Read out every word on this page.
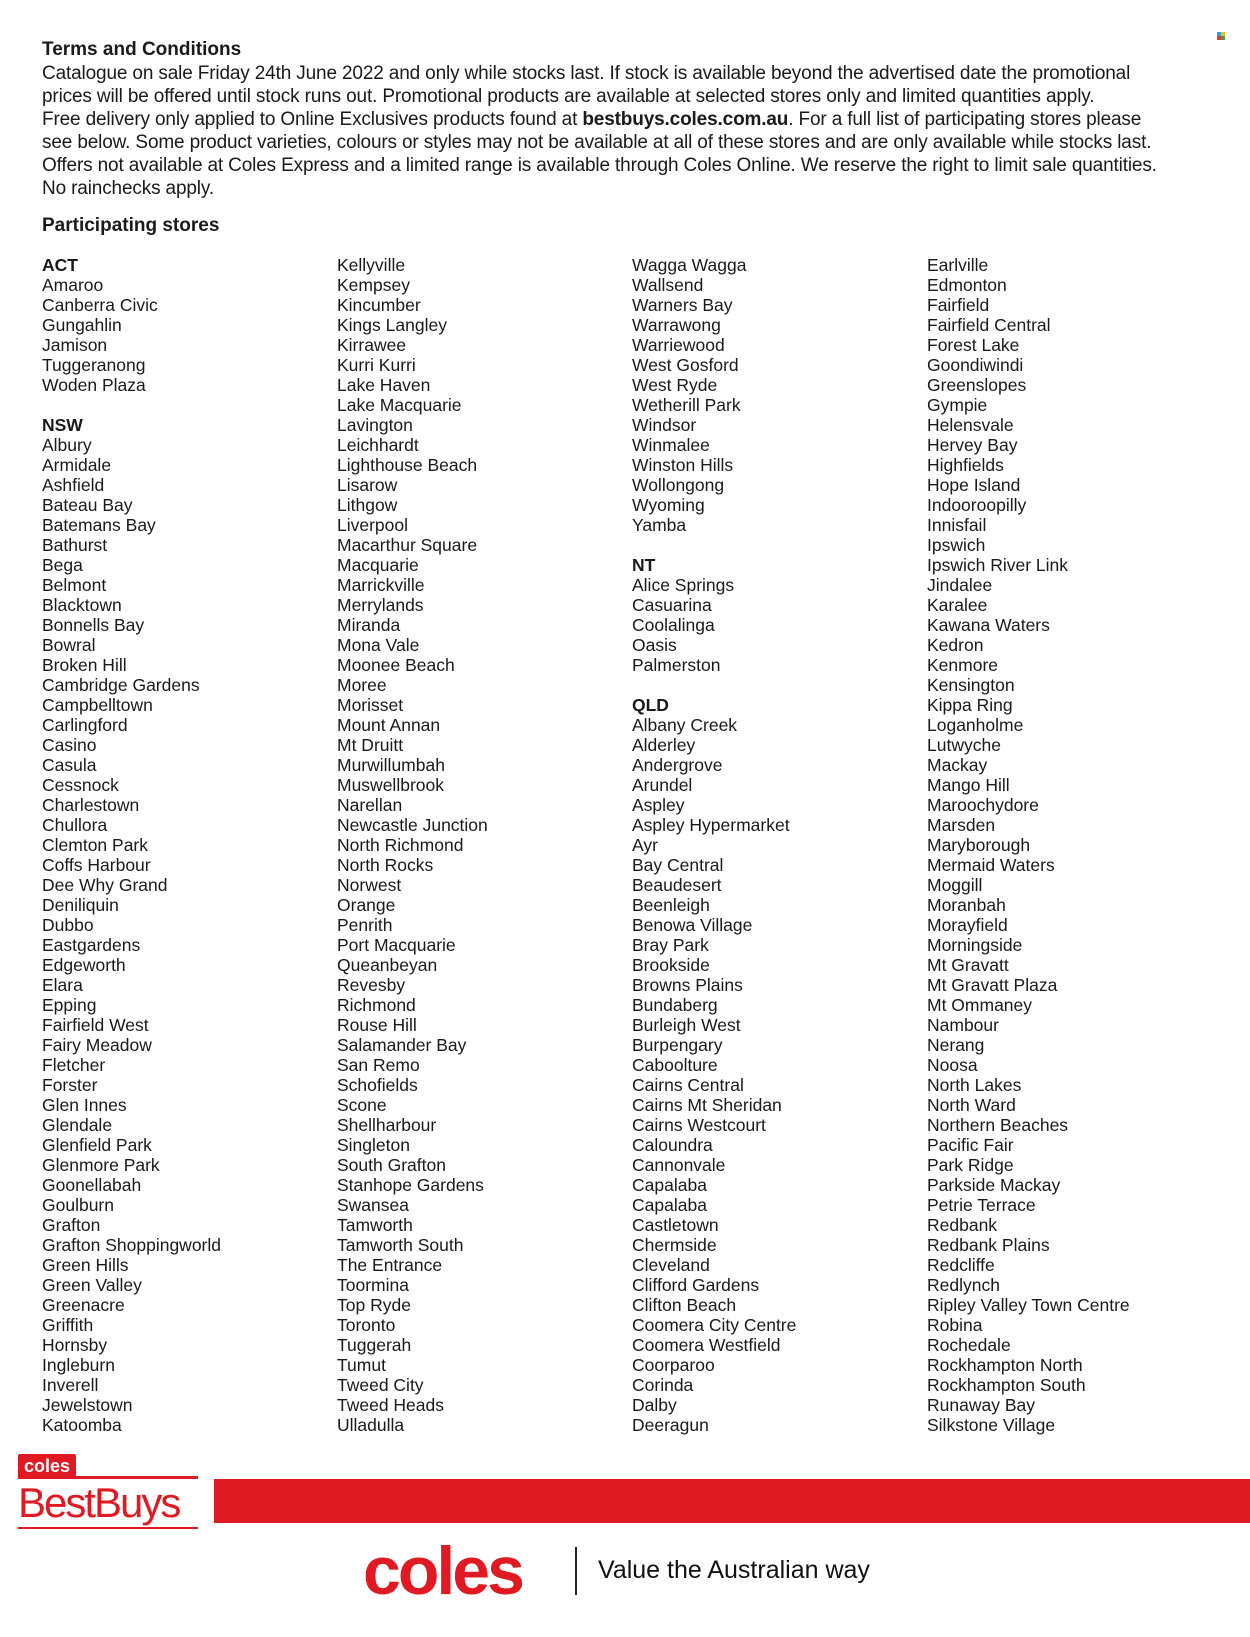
Terms and Conditions

Catalogue on sale Friday 24th June 2022 and only while stocks last. If stock is available beyond the advertised date the promotional

prices will be offered until stock runs out. Promotional products are available at selected stores only and limited quantities apply.

Free delivery only applied to Online Exclusives products found at bestbuys.coles.com.au. For a full list of participating stores please

see below. Some product varieties, colours or styles may not be available at all of these stores and are only available while stocks last.

Offers not available at Coles Express and a limited range is available through Coles Online. We reserve the right to limit sale quantities.

No rainchecks apply.

Participating stores
ACT
Amaroo
Canberra Civic
Gungahlin
Jamison
Tuggeranong
Woden Plaza
NSW
Albury
Armidale
Ashfield
Bateau Bay
Batemans Bay
Bathurst
Bega
Belmont
Blacktown
Bonnells Bay
Bowral
Broken Hill
Cambridge Gardens
Campbelltown
Carlingford
Casino
Casula
Cessnock
Charlestown
Chullora
Clemton Park
Coffs Harbour
Dee Why Grand
Deniliquin
Dubbo
Eastgardens
Edgeworth
Elara
Epping
Fairfield West
Fairy Meadow
Fletcher
Forster
Glen Innes
Glendale
Glenfield Park
Glenmore Park
Goonellabah
Goulburn
Grafton
Grafton Shoppingworld
Green Hills
Green Valley
Greenacre
Griffith
Hornsby
Ingleburn
Inverell
Jewelstown
Katoomba
Kellyville
Kempsey
Kincumber
Kings Langley
Kirrawee
Kurri Kurri
Lake Haven
Lake Macquarie
Lavington
Leichhardt
Lighthouse Beach
Lisarow
Lithgow
Liverpool
Macarthur Square
Macquarie
Marrickville
Merrylands
Miranda
Mona Vale
Moonee Beach
Moree
Morisset
Mount Annan
Mt Druitt
Murwillumbah
Muswellbrook
Narellan
Newcastle Junction
North Richmond
North Rocks
Norwest
Orange
Penrith
Port Macquarie
Queanbeyan
Revesby
Richmond
Rouse Hill
Salamander Bay
San Remo
Schofields
Scone
Shellharbour
Singleton
South Grafton
Stanhope Gardens
Swansea
Tamworth
Tamworth South
The Entrance
Toormina
Top Ryde
Toronto
Tuggerah
Tumut
Tweed City
Tweed Heads
Ulladulla
Wagga Wagga
Wallsend
Warners Bay
Warrawong
Warriewood
West Gosford
West Ryde
Wetherill Park
Windsor
Winmalee
Winston Hills
Wollongong
Wyoming
Yamba
NT
Alice Springs
Casuarina
Coolalinga
Oasis
Palmerston
QLD
Albany Creek
Alderley
Andergrove
Arundel
Aspley
Aspley Hypermarket
Ayr
Bay Central
Beaudesert
Beenleigh
Benowa Village
Bray Park
Brookside
Browns Plains
Bundaberg
Burleigh West
Burpengary
Caboolture
Cairns Central
Cairns Mt Sheridan
Cairns Westcourt
Caloundra
Cannonvale
Capalaba
Capalaba
Castletown
Chermside
Cleveland
Clifford Gardens
Clifton Beach
Coomera City Centre
Coomera Westfield
Coorparoo
Corinda
Dalby
Deeragun
Earlville
Edmonton
Fairfield
Fairfield Central
Forest Lake
Goondiwindi
Greenslopes
Gympie
Helensvale
Hervey Bay
Highfields
Hope Island
Indooroopilly
Innisfail
Ipswich
Ipswich River Link
Jindalee
Karalee
Kawana Waters
Kedron
Kenmore
Kensington
Kippa Ring
Loganholme
Lutwyche
Mackay
Mango Hill
Maroochydore
Marsden
Maryborough
Mermaid Waters
Moggill
Moranbah
Morayfield
Morningside
Mt Gravatt
Mt Gravatt Plaza
Mt Ommaney
Nambour
Nerang
Noosa
North Lakes
North Ward
Northern Beaches
Pacific Fair
Park Ridge
Parkside Mackay
Petrie Terrace
Redbank
Redbank Plains
Redcliffe
Redlynch
Ripley Valley Town Centre
Robina
Rochedale
Rockhampton North
Rockhampton South
Runaway Bay
Silkstone Village
coles
BestBuys
coles	Value the Australian way
